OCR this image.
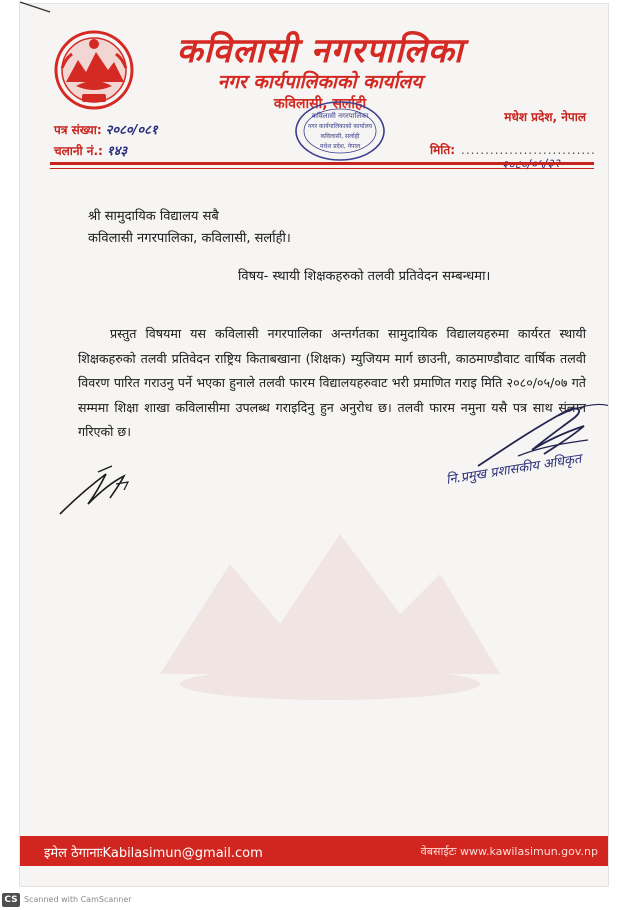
कविलासी नगरपालिका
नगर कार्यपालिकाको कार्यालय
कविलासी, सर्लाही
कविलासी नगरपालिका
नगर कार्यपालिकाको कार्यालय
कविलासी, सर्लाही
मधेश प्रदेश, नेपाल
मधेश प्रदेश, नेपाल
पत्र संख्या: २०८०/०८१
चलानी नं.: १४३	मिति: ............................
श्री सामुदायिक विद्यालय सबै
कविलासी नगरपालिका, कविलासी, सर्लाही।
विषय- स्थायी शिक्षकहरुको तलवी प्रतिवेदन सम्बन्धमा।
प्रस्तुत विषयमा यस कविलासी नगरपालिका अन्तर्गतका सामुदायिक विद्यालयहरुमा कार्यरत स्थायी शिक्षकहरुको तलवी प्रतिवेदन राष्ट्रिय किताबखाना (शिक्षक) म्युजियम मार्ग छाउनी, काठमाण्डौवाट वार्षिक तलवी विवरण पारित गराउनु पर्ने भएका हुनाले तलवी फारम विद्यालयहरुवाट भरी प्रमाणित गराइ मिति २०८०/०५/०७ गते सम्ममा शिक्षा शाखा कविलासीमा उपलब्ध गराइदिनु हुन अनुरोध छ। तलवी फारम नमुना यसै पत्र साथ संलग्न गरिएको छ।
नि.प्रमुख प्रशासकीय अधिकृत
इमेल ठेगानाःKabilasimun@gmail.com	वेबसाईटः www.kawilasimun.gov.np
CS Scanned with CamScanner
